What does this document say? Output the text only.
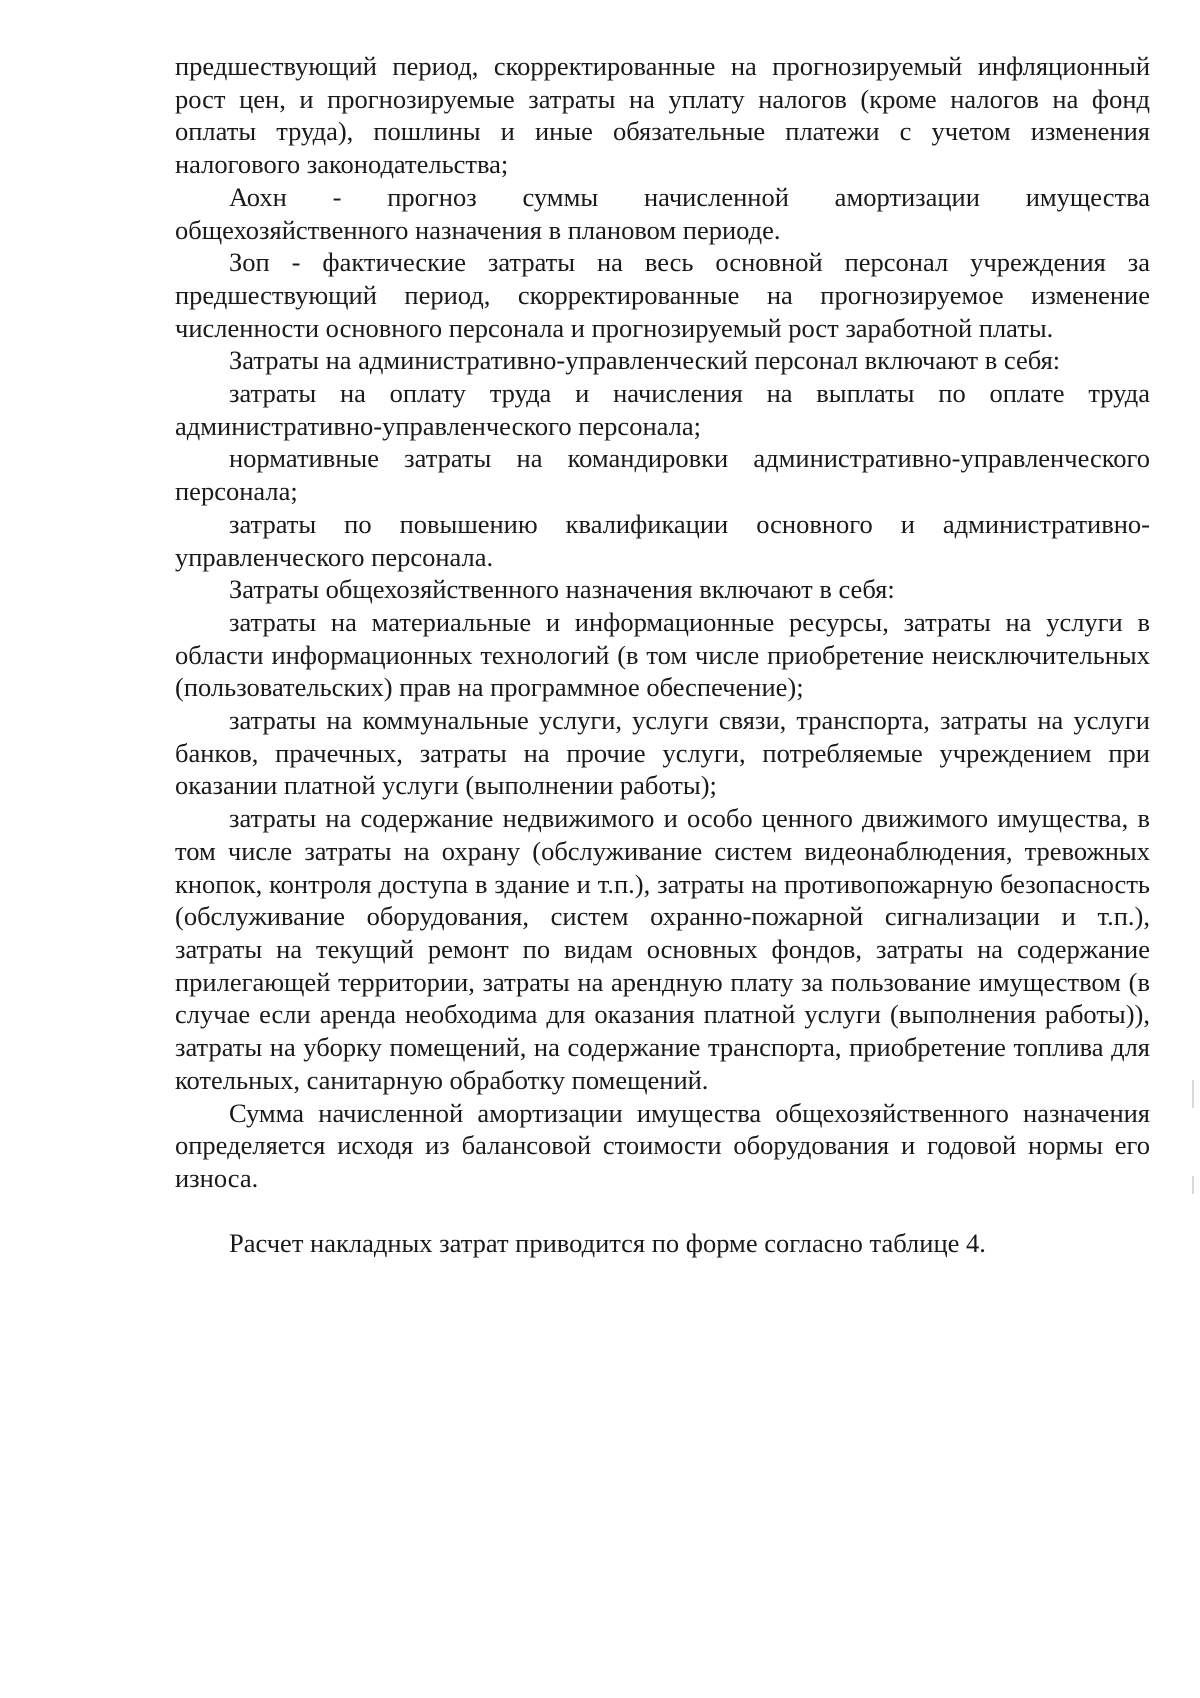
предшествующий период, скорректированные на прогнозируемый инфляционный рост цен, и прогнозируемые затраты на уплату налогов (кроме налогов на фонд оплаты труда), пошлины и иные обязательные платежи с учетом изменения налогового законодательства;

Аохн - прогноз суммы начисленной амортизации имущества общехозяйственного назначения в плановом периоде.

Зоп - фактические затраты на весь основной персонал учреждения за предшествующий период, скорректированные на прогнозируемое изменение численности основного персонала и прогнозируемый рост заработной платы.

Затраты на административно-управленческий персонал включают в себя:

затраты на оплату труда и начисления на выплаты по оплате труда административно-управленческого персонала;

нормативные затраты на командировки административно-управленческого персонала;

затраты по повышению квалификации основного и административно-управленческого персонала.

Затраты общехозяйственного назначения включают в себя:

затраты на материальные и информационные ресурсы, затраты на услуги в области информационных технологий (в том числе приобретение неисключительных (пользовательских) прав на программное обеспечение);

затраты на коммунальные услуги, услуги связи, транспорта, затраты на услуги банков, прачечных, затраты на прочие услуги, потребляемые учреждением при оказании платной услуги (выполнении работы);

затраты на содержание недвижимого и особо ценного движимого имущества, в том числе затраты на охрану (обслуживание систем видеонаблюдения, тревожных кнопок, контроля доступа в здание и т.п.), затраты на противопожарную безопасность (обслуживание оборудования, систем охранно-пожарной сигнализации и т.п.), затраты на текущий ремонт по видам основных фондов, затраты на содержание прилегающей территории, затраты на арендную плату за пользование имуществом (в случае если аренда необходима для оказания платной услуги (выполнения работы)), затраты на уборку помещений, на содержание транспорта, приобретение топлива для котельных, санитарную обработку помещений.

Сумма начисленной амортизации имущества общехозяйственного назначения определяется исходя из балансовой стоимости оборудования и годовой нормы его износа.

Расчет накладных затрат приводится по форме согласно таблице 4.
